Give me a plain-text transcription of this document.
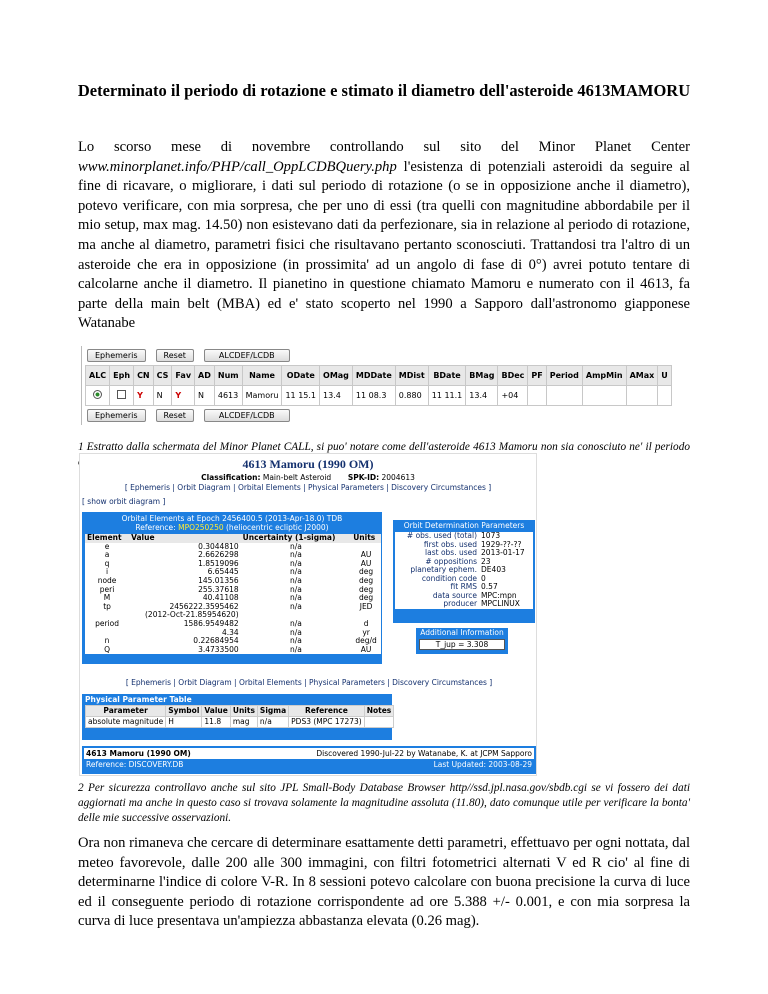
Determinato il periodo di rotazione e stimato il diametro dell'asteroide 4613MAMORU

Lo scorso mese di novembre controllando sul sito del Minor Planet Center www.minorplanet.info/PHP/call_OppLCDBQuery.php l'esistenza di potenziali asteroidi da seguire al fine di ricavare, o migliorare, i dati sul periodo di rotazione (o se in opposizione anche il diametro), potevo verificare, con mia sorpresa, che per uno di essi (tra quelli con magnitudine abbordabile per il mio setup, max mag. 14.50) non esistevano dati da perfezionare, sia in relazione al periodo di rotazione, ma anche al diametro, parametri fisici che risultavano pertanto sconosciuti. Trattandosi tra l'altro di un asteroide che era in opposizione (in prossimita' ad un angolo di fase di 0°) avrei potuto tentare di calcolarne anche il diametro. Il pianetino in questione chiamato Mamoru e numerato con il 4613, fa parte della main belt (MBA) ed e' stato scoperto nel 1990 a Sapporo dall'astronomo giapponese Watanabe

Ephemeris	Reset	ALCDEF/LCDB
ALC	Eph	CN	CS	Fav	AD	Num	Name	ODate	OMag	MDDate	MDist	BDate	BMag	BDec	PF	Period	AmpMin	AMax	U
		Y	N	Y	N	4613	Mamoru	11 15.1	13.4	11 08.3	0.880	11 11.1	13.4	+04					
Ephemeris	Reset	ALCDEF/LCDB
1 Estratto dalla schermata del Minor Planet CALL, si puo' notare come dell'asteroide 4613 Mamoru non sia conosciuto ne' il periodo
4613 Mamoru (1990 OM)
Classification: Main-belt Asteroid SPK-ID: 2004613
[ Ephemeris | Orbit Diagram | Orbital Elements | Physical Parameters | Discovery Circumstances ]
[ show orbit diagram ]
Orbital Elements at Epoch 2456400.5 (2013-Apr-18.0) TDB
Reference: MPO250250 (heliocentric ecliptic J2000)
Element	Value	Uncertainty (1-sigma)	Units
e	0.3044810	n/a	
a	2.6626298	n/a	AU
q	1.8519096	n/a	AU
i	6.65445	n/a	deg
node	145.01356	n/a	deg
peri	255.37618	n/a	deg
M	40.41108	n/a	deg
tp	2456222.3595462	n/a	JED
	(2012-Oct-21.85954620)		
period	1586.9549482	n/a	d
	4.34	n/a	yr
n	0.22684954	n/a	deg/d
Q	3.4733500	n/a	AU
Orbit Determination Parameters
# obs. used (total)	1073
first obs. used	1929-??-??
last obs. used	2013-01-17
# oppositions	23
planetary ephem.	DE403
condition code	0
fit RMS	0.57
data source	MPC:mpn
producer	MPCLINUX
Additional Information
T_jup = 3.308
[ Ephemeris | Orbit Diagram | Orbital Elements | Physical Parameters | Discovery Circumstances ]
Physical Parameter Table
Parameter	Symbol	Value	Units	Sigma	Reference	Notes
absolute magnitude	H	11.8	mag	n/a	PDS3 (MPC 17273)	
4613 Mamoru (1990 OM)	Discovered 1990-Jul-22 by Watanabe, K. at JCPM Sapporo
Reference: DISCOVERY.DB	Last Updated: 2003-08-29
2 Per sicurezza controllavo anche sul sito JPL Small-Body Database Browser http//ssd.jpl.nasa.gov/sbdb.cgi se vi fossero dei dati aggiornati ma anche in questo caso si trovava solamente la magnitudine assoluta (11.80), dato comunque utile per verificare la bonta' delle mie successive osservazioni.

Ora non rimaneva che cercare di determinare esattamente detti parametri, effettuavo per ogni nottata, dal meteo favorevole, dalle 200 alle 300 immagini, con filtri fotometrici alternati V ed R cio' al fine di determinarne l'indice di colore V-R. In 8 sessioni potevo calcolare con buona precisione la curva di luce ed il conseguente periodo di rotazione corrispondente ad ore 5.388 +/- 0.001, e con mia sorpresa la curva di luce presentava un'ampiezza abbastanza elevata (0.26 mag).
